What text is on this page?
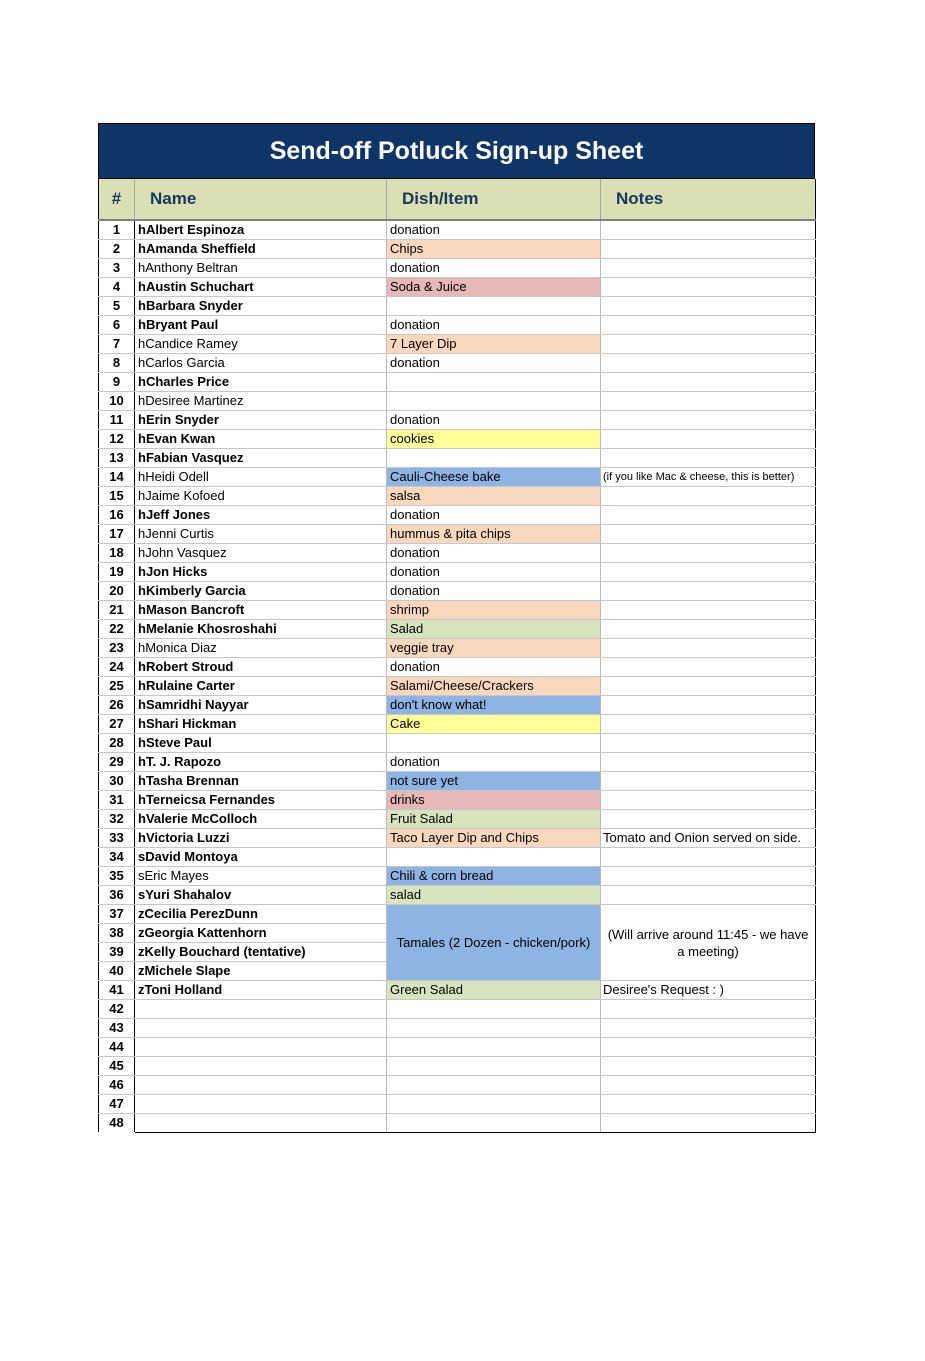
Send-off Potluck Sign-up Sheet
#	Name	Dish/Item	Notes
1	hAlbert Espinoza	donation	
2	hAmanda Sheffield	Chips	
3	hAnthony Beltran	donation	
4	hAustin Schuchart	Soda & Juice	
5	hBarbara Snyder		
6	hBryant Paul	donation	
7	hCandice Ramey	7 Layer Dip	
8	hCarlos Garcia	donation	
9	hCharles Price		
10	hDesiree Martinez		
11	hErin Snyder	donation	
12	hEvan Kwan	cookies	
13	hFabian Vasquez		
14	hHeidi Odell	Cauli-Cheese bake	(if you like Mac & cheese, this is better)
15	hJaime Kofoed	salsa	
16	hJeff Jones	donation	
17	hJenni Curtis	hummus & pita chips	
18	hJohn Vasquez	donation	
19	hJon Hicks	donation	
20	hKimberly Garcia	donation	
21	hMason Bancroft	shrimp	
22	hMelanie Khosroshahi	Salad	
23	hMonica Diaz	veggie tray	
24	hRobert Stroud	donation	
25	hRulaine Carter	Salami/Cheese/Crackers	
26	hSamridhi Nayyar	don't know what!	
27	hShari Hickman	Cake	
28	hSteve Paul		
29	hT. J. Rapozo	donation	
30	hTasha Brennan	not sure yet	
31	hTerneicsa Fernandes	drinks	
32	hValerie McColloch	Fruit Salad	
33	hVictoria Luzzi	Taco Layer Dip and Chips	Tomato and Onion served on side.
34	sDavid Montoya		
35	sEric Mayes	Chili & corn bread	
36	sYuri Shahalov	salad	
37	zCecilia PerezDunn	Tamales (2 Dozen - chicken/pork)	(Will arrive around 11:45 - we have a meeting)
38	zGeorgia Kattenhorn		
39	zKelly Bouchard (tentative)		
40	zMichele Slape		
41	zToni Holland	Green Salad	Desiree's Request : )
42			
43			
44			
45			
46			
47			
48			
